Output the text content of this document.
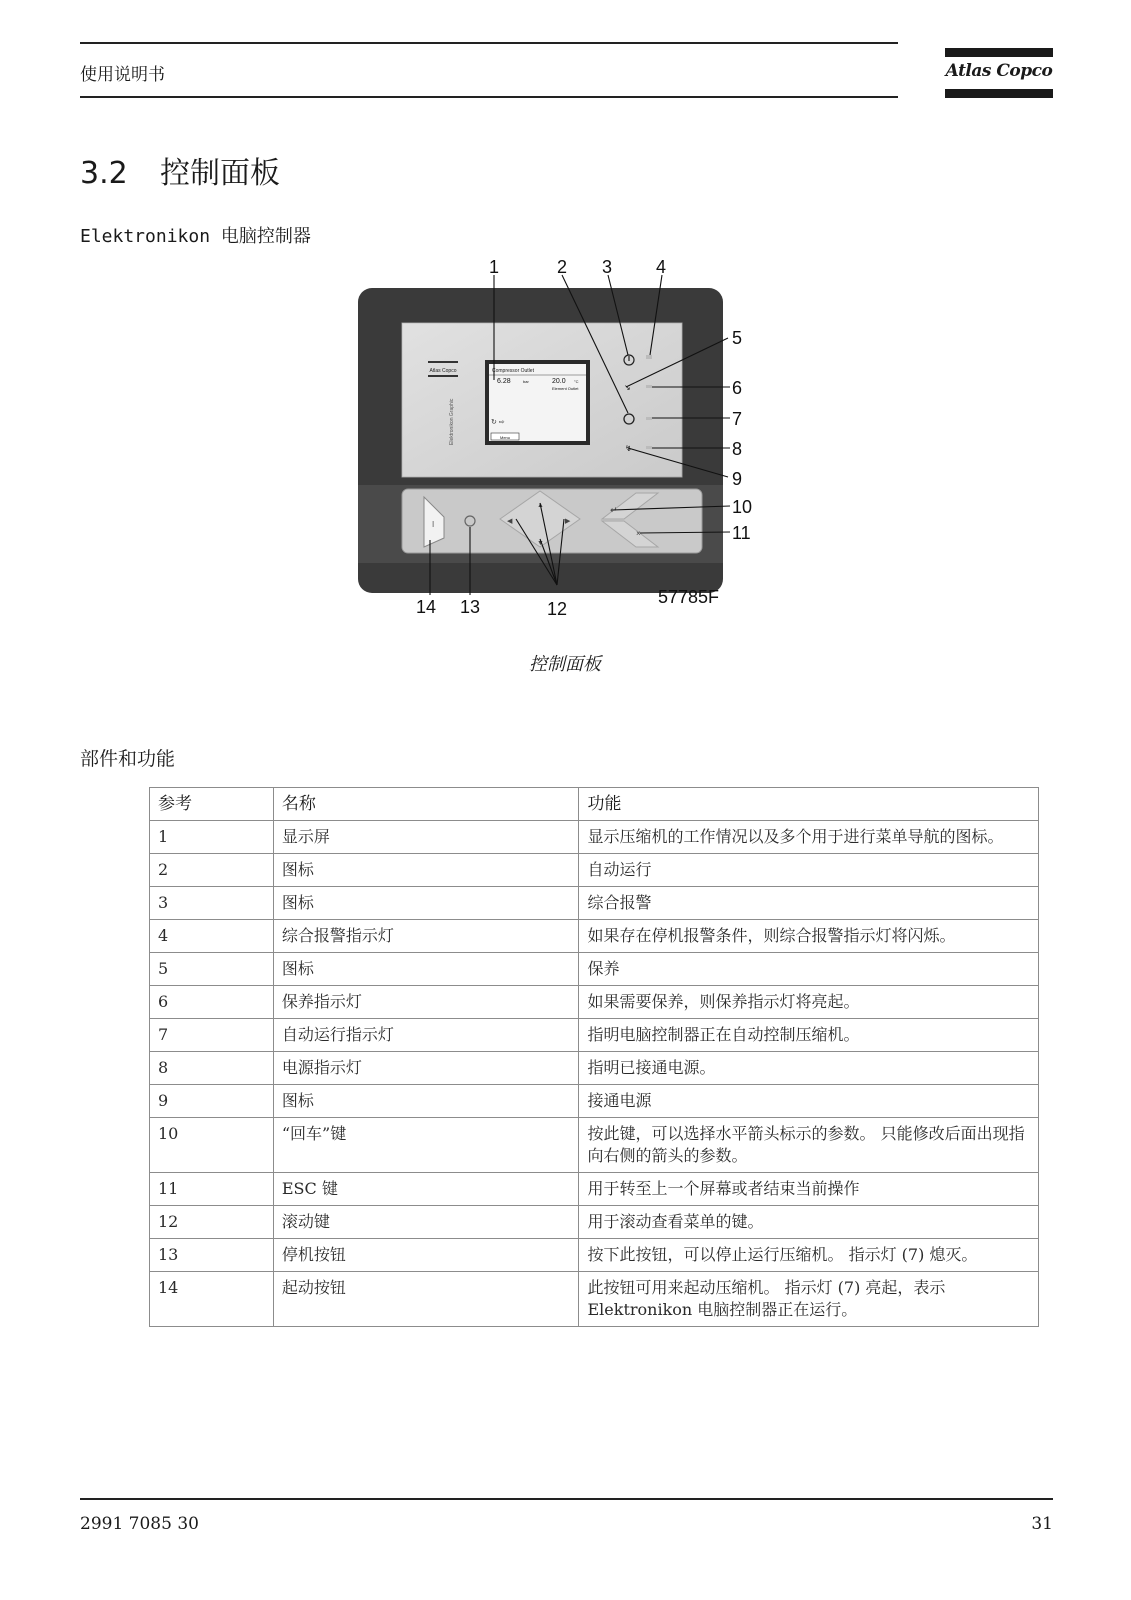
使用说明书	Atlas Copco
3.2 控制面板
Elektronikon 电脑控制器
Atlas Copco
Elektronikon Graphic
Compressor Outlet
6.28	bar	20.0 °C
Element Outlet
↻ ⇨
Menu
↘
↯
I
▲
▼
◀	▶
↵
×
1	2 3 4
5
6
7
8
9
10
11
12
13
14	57785F
控制面板
部件和功能
参考	名称	功能
1	显示屏	显示压缩机的工作情况以及多个用于进行菜单导航的图标。
2	图标	自动运行
3	图标	综合报警
4	综合报警指示灯	如果存在停机报警条件，则综合报警指示灯将闪烁。
5	图标	保养
6	保养指示灯	如果需要保养，则保养指示灯将亮起。
7	自动运行指示灯	指明电脑控制器正在自动控制压缩机。
8	电源指示灯	指明已接通电源。
9	图标	接通电源
10	“回车”键	按此键，可以选择水平箭头标示的参数。 只能修改后面出现指向右侧的箭头的参数。
11	ESC 键	用于转至上一个屏幕或者结束当前操作
12	滚动键	用于滚动查看菜单的键。
13	停机按钮	按下此按钮，可以停止运行压缩机。 指示灯 (7) 熄灭。
14	起动按钮	此按钮可用来起动压缩机。 指示灯 (7) 亮起，表示 Elektronikon 电脑控制器正在运行。
2991 7085 30	31
